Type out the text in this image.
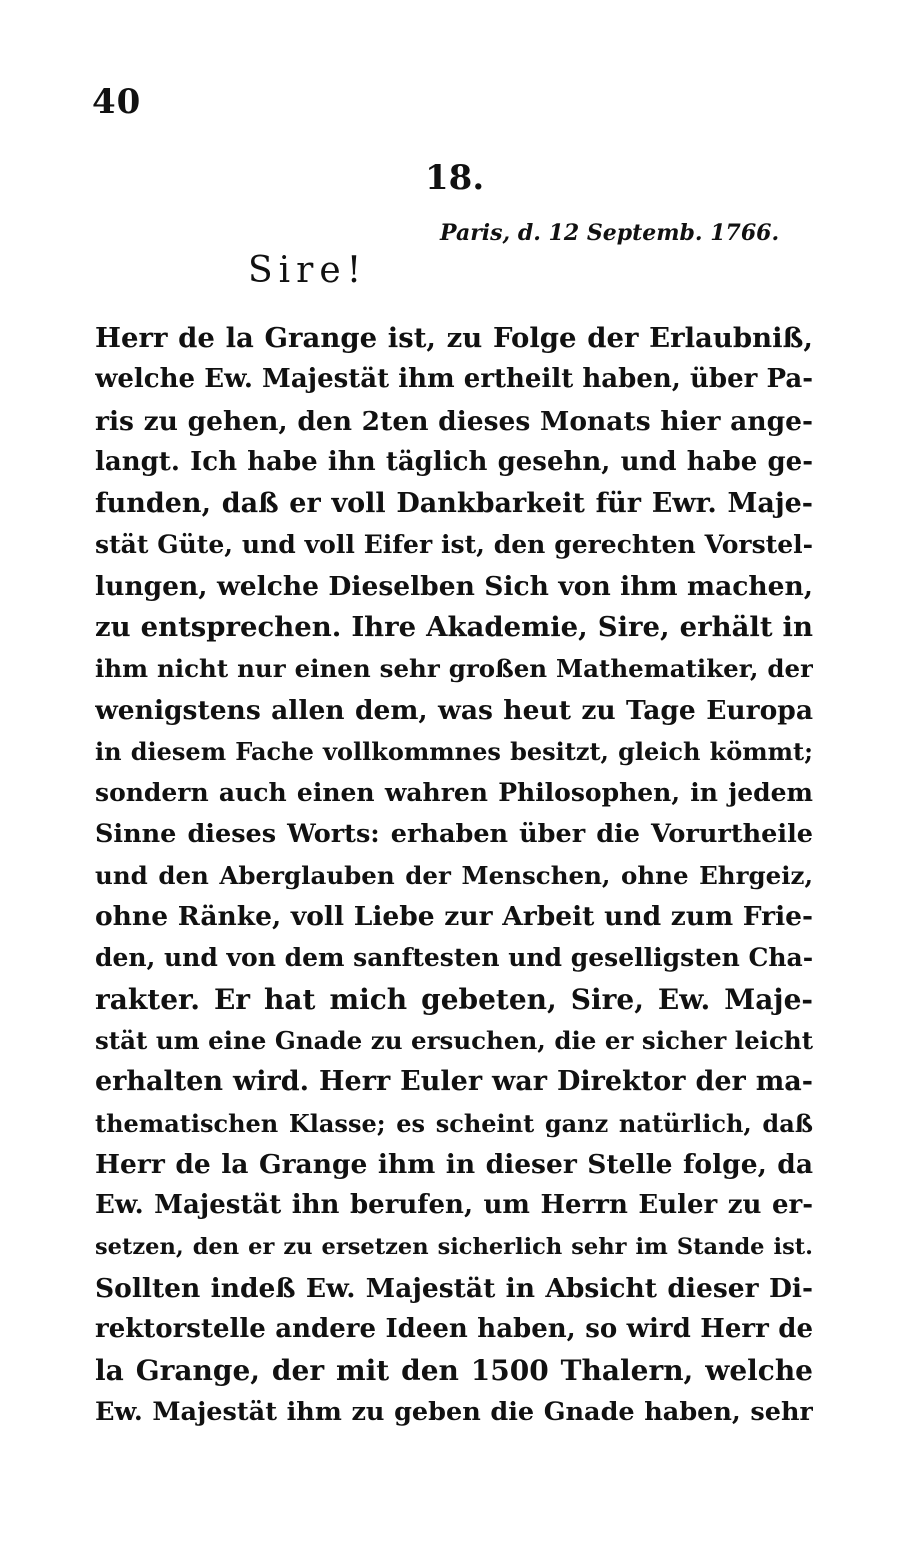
40
18.
Paris, d. 12 Septemb. 1766.
Sire!
Herr de la Grange ist, zu Folge der Erlaubniß,
welche Ew. Majestät ihm ertheilt haben, über Pa-
ris zu gehen, den 2ten dieses Monats hier ange-
langt. Ich habe ihn täglich gesehn, und habe ge-
funden, daß er voll Dankbarkeit für Ewr. Maje-
stät Güte, und voll Eifer ist, den gerechten Vorstel-
lungen, welche Dieselben Sich von ihm machen,
zu entsprechen. Ihre Akademie, Sire, erhält in
ihm nicht nur einen sehr großen Mathematiker, der
wenigstens allen dem, was heut zu Tage Europa
in diesem Fache vollkommnes besitzt, gleich kömmt;
sondern auch einen wahren Philosophen, in jedem
Sinne dieses Worts: erhaben über die Vorurtheile
und den Aberglauben der Menschen, ohne Ehrgeiz,
ohne Ränke, voll Liebe zur Arbeit und zum Frie-
den, und von dem sanftesten und geselligsten Cha-
rakter. Er hat mich gebeten, Sire, Ew. Maje-
stät um eine Gnade zu ersuchen, die er sicher leicht
erhalten wird. Herr Euler war Direktor der ma-
thematischen Klasse; es scheint ganz natürlich, daß
Herr de la Grange ihm in dieser Stelle folge, da
Ew. Majestät ihn berufen, um Herrn Euler zu er-
setzen, den er zu ersetzen sicherlich sehr im Stande ist.
Sollten indeß Ew. Majestät in Absicht dieser Di-
rektorstelle andere Ideen haben, so wird Herr de
la Grange, der mit den 1500 Thalern, welche
Ew. Majestät ihm zu geben die Gnade haben, sehr
